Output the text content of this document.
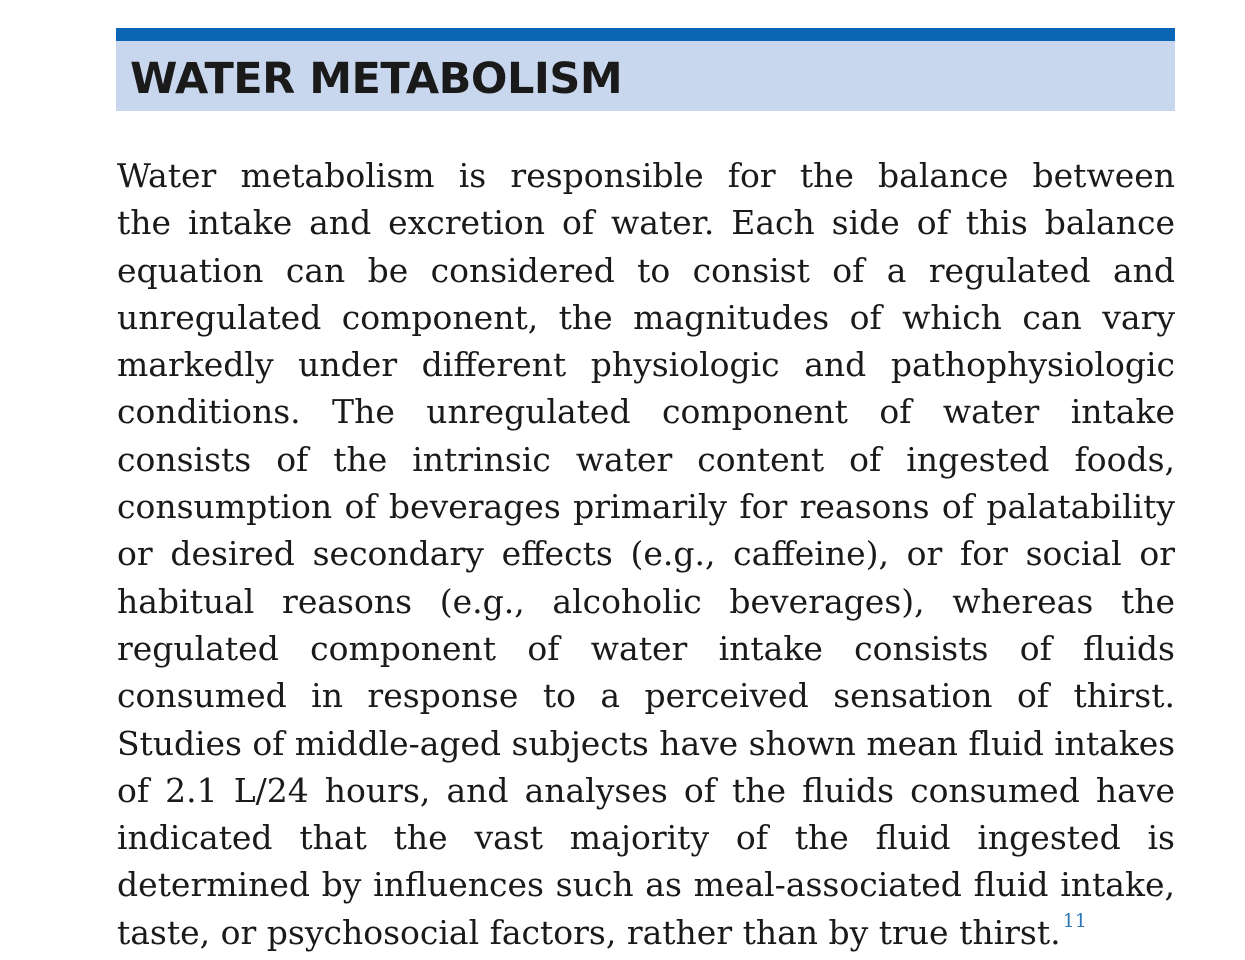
WATER METABOLISM
Water metabolism is responsible for the balance between
the intake and excretion of water. Each side of this balance
equation can be considered to consist of a regulated and
unregulated component, the magnitudes of which can vary
markedly under different physiologic and pathophysiologic
conditions. The unregulated component of water intake
consists of the intrinsic water content of ingested foods,
consumption of beverages primarily for reasons of palatability
or desired secondary effects (e.g., caffeine), or for social or
habitual reasons (e.g., alcoholic beverages), whereas the
regulated component of water intake consists of fluids
consumed in response to a perceived sensation of thirst.
Studies of middle-aged subjects have shown mean fluid intakes
of 2.1 L/24 hours, and analyses of the fluids consumed have
indicated that the vast majority of the fluid ingested is
determined by influences such as meal-associated fluid intake,
taste, or psychosocial factors, rather than by true thirst. $^{11}$
